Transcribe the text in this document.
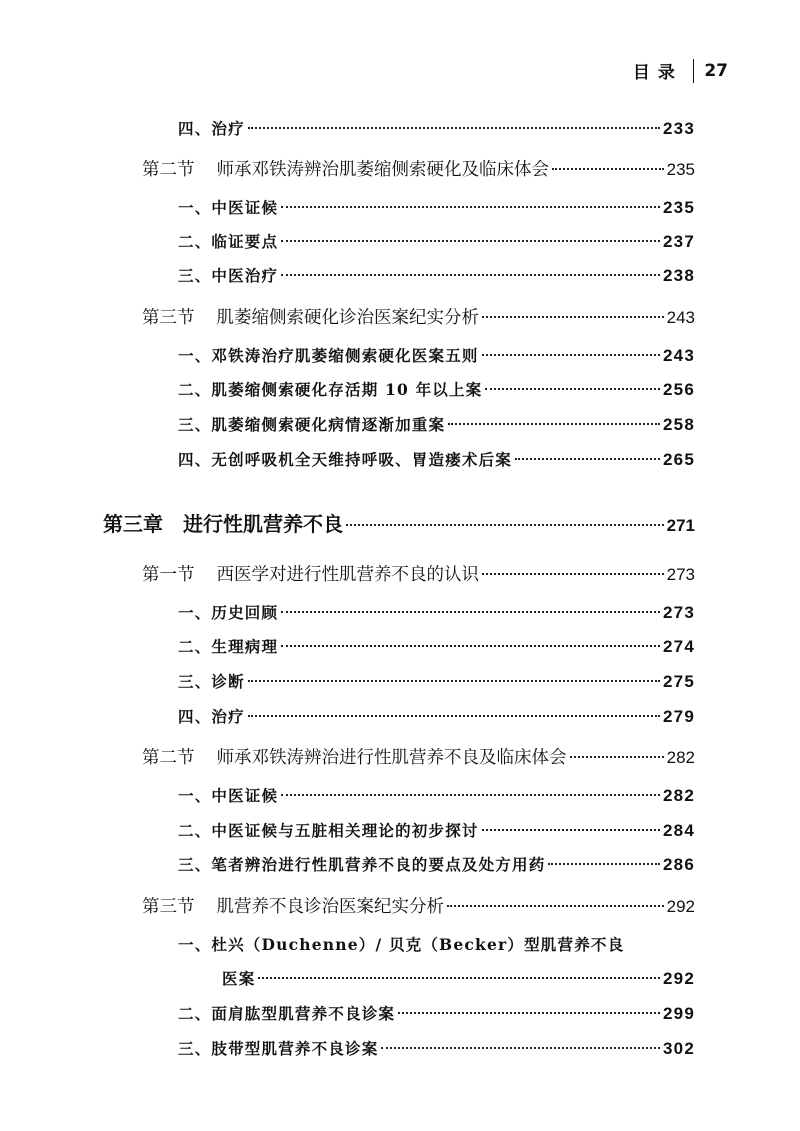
目录 27
四、 治疗	233
第二节 师承邓铁涛辨治肌萎缩侧索硬化及临床体会	235
一、 中医证候	235
二、 临证要点	237
三、 中医治疗	238
第三节 肌萎缩侧索硬化诊治医案纪实分析	243
一、 邓铁涛治疗肌萎缩侧索硬化医案五则	243
二、 肌萎缩侧索硬化存活期 10 年以上案	256
三、 肌萎缩侧索硬化病情逐渐加重案	258
四、 无创呼吸机全天维持呼吸、胃造瘘术后案	265
第三章 进行性肌营养不良	271
第一节 西医学对进行性肌营养不良的认识	273
一、 历史回顾	273
二、 生理病理	274
三、 诊断	275
四、 治疗	279
第二节 师承邓铁涛辨治进行性肌营养不良及临床体会	282
一、 中医证候	282
二、 中医证候与五脏相关理论的初步探讨	284
三、 笔者辨治进行性肌营养不良的要点及处方用药	286
第三节 肌营养不良诊治医案纪实分析	292
一、杜兴（Duchenne）/ 贝克（Becker）型肌营养不良
医案	292
二、 面肩肱型肌营养不良诊案	299
三、 肢带型肌营养不良诊案	302
